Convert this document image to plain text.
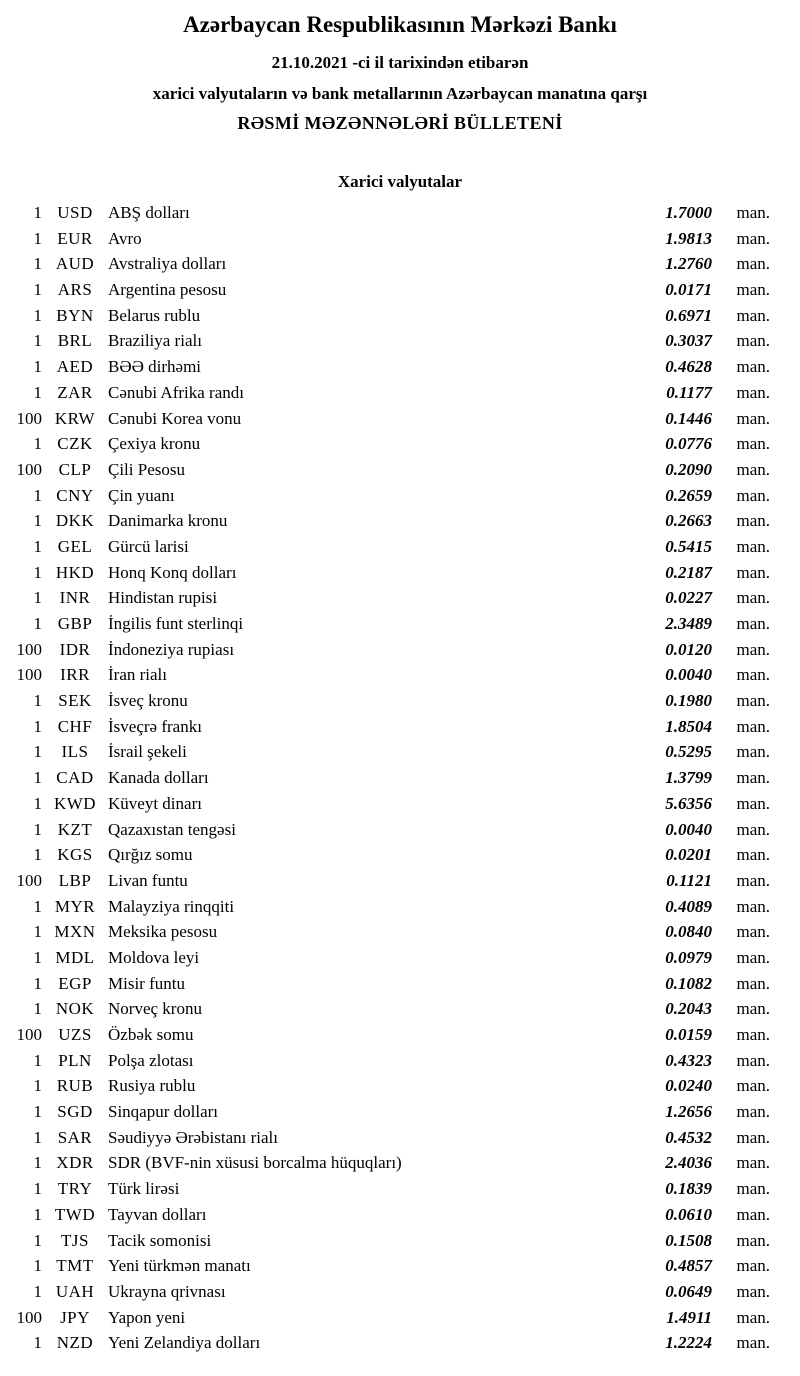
Azərbaycan Respublikasının Mərkəzi Bankı
21.10.2021 -ci il tarixindən etibarən
xarici valyutaların və bank metallarının Azərbaycan manatına qarşı
RƏSMİ MƏZƏNNƏLƏRİ BÜLLETENİ
Xarici valyutalar
1	USD	ABŞ dolları	1.7000	man.
1	EUR	Avro	1.9813	man.
1	AUD	Avstraliya dolları	1.2760	man.
1	ARS	Argentina pesosu	0.0171	man.
1	BYN	Belarus rublu	0.6971	man.
1	BRL	Braziliya rialı	0.3037	man.
1	AED	BƏƏ dirhəmi	0.4628	man.
1	ZAR	Cənubi Afrika randı	0.1177	man.
100	KRW	Cənubi Korea vonu	0.1446	man.
1	CZK	Çexiya kronu	0.0776	man.
100	CLP	Çili Pesosu	0.2090	man.
1	CNY	Çin yuanı	0.2659	man.
1	DKK	Danimarka kronu	0.2663	man.
1	GEL	Gürcü larisi	0.5415	man.
1	HKD	Honq Konq dolları	0.2187	man.
1	INR	Hindistan rupisi	0.0227	man.
1	GBP	İngilis funt sterlinqi	2.3489	man.
100	IDR	İndoneziya rupiası	0.0120	man.
100	IRR	İran rialı	0.0040	man.
1	SEK	İsveç kronu	0.1980	man.
1	CHF	İsveçrə frankı	1.8504	man.
1	ILS	İsrail şekeli	0.5295	man.
1	CAD	Kanada dolları	1.3799	man.
1	KWD	Küveyt dinarı	5.6356	man.
1	KZT	Qazaxıstan tengəsi	0.0040	man.
1	KGS	Qırğız somu	0.0201	man.
100	LBP	Livan funtu	0.1121	man.
1	MYR	Malayziya rinqqiti	0.4089	man.
1	MXN	Meksika pesosu	0.0840	man.
1	MDL	Moldova leyi	0.0979	man.
1	EGP	Misir funtu	0.1082	man.
1	NOK	Norveç kronu	0.2043	man.
100	UZS	Özbək somu	0.0159	man.
1	PLN	Polşa zlotası	0.4323	man.
1	RUB	Rusiya rublu	0.0240	man.
1	SGD	Sinqapur dolları	1.2656	man.
1	SAR	Səudiyyə Ərəbistanı rialı	0.4532	man.
1	XDR	SDR (BVF-nin xüsusi borcalma hüquqları)	2.4036	man.
1	TRY	Türk lirəsi	0.1839	man.
1	TWD	Tayvan dolları	0.0610	man.
1	TJS	Tacik somonisi	0.1508	man.
1	TMT	Yeni türkmən manatı	0.4857	man.
1	UAH	Ukrayna qrivnası	0.0649	man.
100	JPY	Yapon yeni	1.4911	man.
1	NZD	Yeni Zelandiya dolları	1.2224	man.
